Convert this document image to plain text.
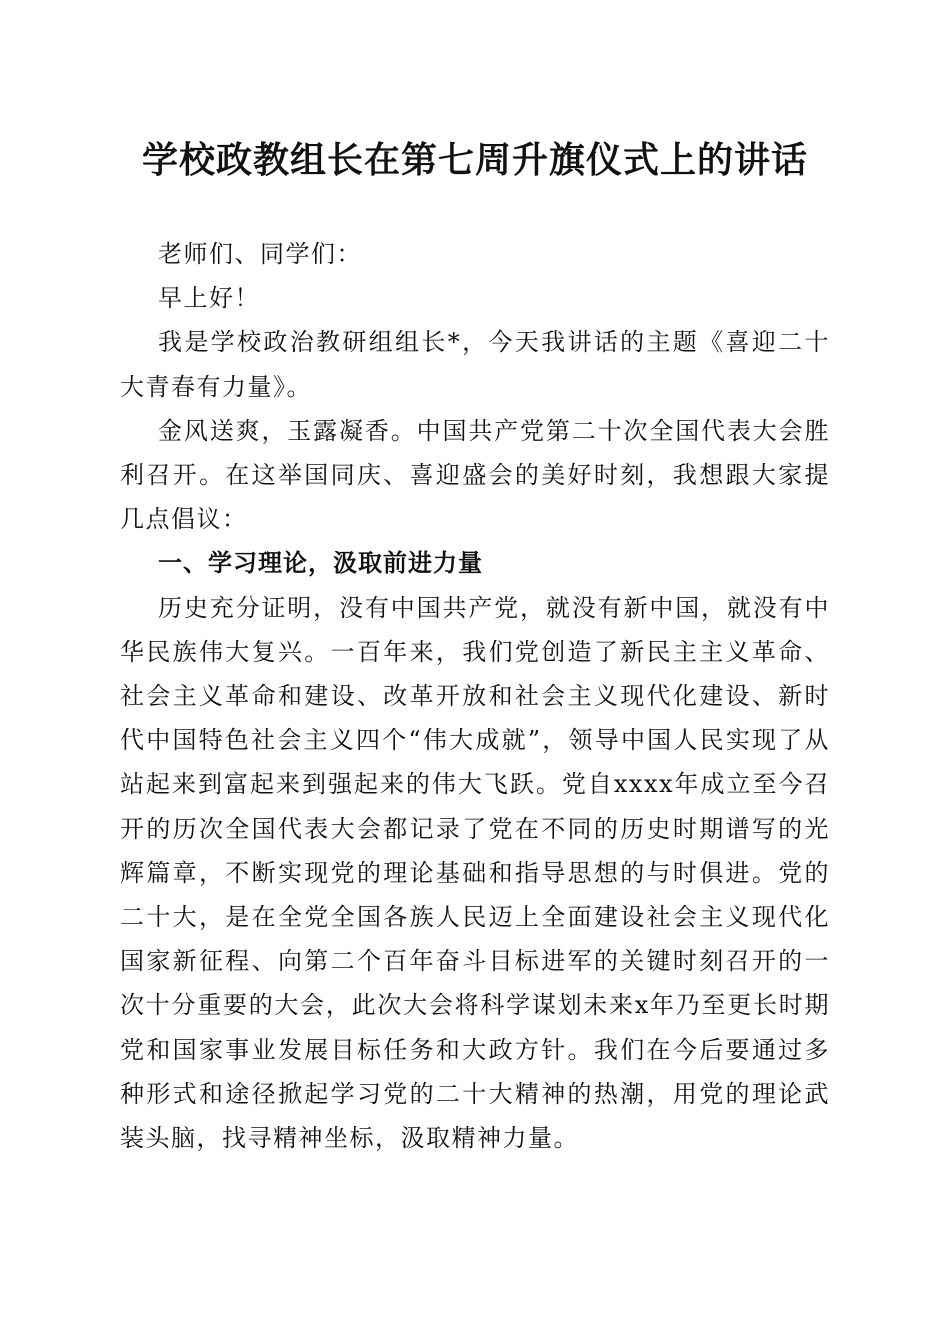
学校政教组长在第七周升旗仪式上的讲话

老师们、同学们：

早上好！

我是学校政治教研组组长*，今天我讲话的主题《喜迎二十大青春有力量》。

金风送爽，玉露凝香。中国共产党第二十次全国代表大会胜利召开。在这举国同庆、喜迎盛会的美好时刻，我想跟大家提几点倡议：

一、学习理论，汲取前进力量

历史充分证明，没有中国共产党，就没有新中国，就没有中华民族伟大复兴。一百年来，我们党创造了新民主主义革命、社会主义革命和建设、改革开放和社会主义现代化建设、新时代中国特色社会主义四个“伟大成就”，领导中国人民实现了从站起来到富起来到强起来的伟大飞跃。党自xxxx年成立至今召开的历次全国代表大会都记录了党在不同的历史时期谱写的光辉篇章，不断实现党的理论基础和指导思想的与时俱进。党的二十大，是在全党全国各族人民迈上全面建设社会主义现代化国家新征程、向第二个百年奋斗目标进军的关键时刻召开的一次十分重要的大会，此次大会将科学谋划未来x年乃至更长时期党和国家事业发展目标任务和大政方针。我们在今后要通过多种形式和途径掀起学习党的二十大精神的热潮，用党的理论武装头脑，找寻精神坐标，汲取精神力量。
